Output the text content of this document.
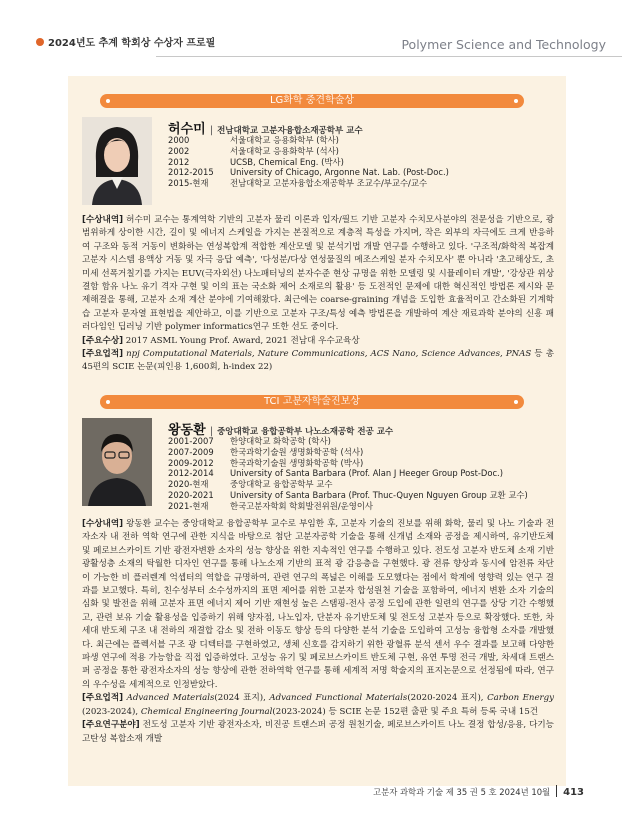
2024년도 추계 학회상 수상자 프로필	Polymer Science and Technology
LG화학 중견학술상
허수미 | 전남대학교 고분자융합소재공학부 교수
2000	서울대학교 응용화학부 (학사)
2002	서울대학교 응용화학부 (석사)
2012	UCSB, Chemical Eng. (박사)
2012-2015	University of Chicago, Argonne Nat. Lab. (Post-Doc.)
2015-현재	전남대학교 고분자융합소재공학부 조교수/부교수/교수

[수상내역] 허수미 교수는 통계역학 기반의 고분자 물리 이론과 입자/필드 기반 고분자 수치모사분야의 전문성을 기반으로, 광범위하게 상이한 시간, 길이 및 에너지 스케일을 가지는 본질적으로 계층적 특성을 가지며, 작은 외부의 자극에도 크게 반응하여 구조와 동적 거동이 변화하는 연성복합계 적합한 계산모델 및 분석기법 개발 연구를 수행하고 있다. '구조적/화학적 복잡계 고분자 시스템 용액상 거동 및 자극 응답 예측', '다성분/다상 연성물질의 메조스케일 분자 수치모사' 뿐 아니라 '초고해상도, 초미세 선폭거칠기를 가지는 EUV(극자외선) 나노패터닝의 분자수준 현상 규명을 위한 모델링 및 시뮬레이터 개발', '강상관 위상 결함 함유 나노 유기 격자 구현 및 이의 표는 국소화 제어 소재로의 활용' 등 도전적인 문제에 대한 혁신적인 방법론 제시와 문제해결을 통해, 고분자 소재 계산 분야에 기여해왔다. 최근에는 coarse-graining 개념을 도입한 효율적이고 간소화된 기계학습 고분자 문자열 표현법을 제안하고, 이를 기반으로 고분자 구조/특성 예측 방법론을 개발하여 계산 재료과학 분야의 신흥 패러다임인 딥러닝 기반 polymer informatics연구 또한 선도 중이다.

[주요수상] 2017 ASML Young Prof. Award, 2021 전남대 우수교육상

[주요업적] npj Computational Materials, Nature Communications, ACS Nano, Science Advances, PNAS 등 총 45편의 SCIE 논문(피인용 1,600회, h-index 22)

TCI 고분자학술진보상
왕동환 | 중앙대학교 융합공학부 나노소재공학 전공 교수
2001-2007	한양대학교 화학공학 (학사)
2007-2009	한국과학기술원 생명화학공학 (석사)
2009-2012	한국과학기술원 생명화학공학 (박사)
2012-2014	University of Santa Barbara (Prof. Alan J Heeger Group Post-Doc.)
2020-현재	중앙대학교 융합공학부 교수
2020-2021	University of Santa Barbara (Prof. Thuc-Quyen Nguyen Group 교환 교수)
2021-현재	한국고분자학회 학회발전위원/운영이사

[수상내역] 왕동환 교수는 중앙대학교 융합공학부 교수로 부임한 후, 고분자 기술의 진보를 위해 화학, 물리 및 나노 기술과 전자소자 내 전하 역학 연구에 관한 지식을 바탕으로 첨단 고분자공학 기술을 통해 신개념 소재와 공정을 제시하여, 유기반도체 및 페로브스카이트 기반 광전자변환 소자의 성능 향상을 위한 지속적인 연구를 수행하고 있다. 전도성 고분자 반도체 소재 기반 광활성층 소재의 탁월한 디자인 연구를 통해 나노소재 기반의 표적 광 감응층을 구현했다. 광 전류 향상과 동시에 암전류 차단이 가능한 비 플러렌계 억셉터의 역할을 규명하여, 관련 연구의 폭넓은 이해를 도모했다는 점에서 학계에 영향력 있는 연구 결과를 보고했다. 특히, 친수성부터 소수성까지의 표면 제어를 위한 고분자 합성원천 기술을 포함하여, 에너지 변환 소자 기술의 심화 및 발전을 위해 고분자 표면 에너지 제어 기반 재현성 높은 스탬핑-전사 공정 도입에 관한 일련의 연구를 상당 기간 수행했고, 관련 보유 기술 활용성을 입증하기 위해 양자점, 나노입자, 단분자 유기반도체 및 전도성 고분자 등으로 확장했다. 또한, 차세대 반도체 구조 내 전하의 재결합 감소 및 전하 이동도 향상 등의 다양한 분석 기술을 도입하여 고성능 융합형 소자를 개발했다. 최근에는 플렉서블 구조 광 디텍터를 구현하였고, 생체 신호를 감지하기 위한 광혈류 분석 센서 우수 결과를 보고해 다양한 파생 연구에 적용 가능함을 직접 입증하였다. 고성능 유기 및 페로브스카이트 반도체 구현, 유연 투명 전극 개발, 차세대 트랜스퍼 공정을 통한 광전자소자의 성능 향상에 관한 전하역학 연구를 통해 세계적 저명 학술지의 표지논문으로 선정됨에 따라, 연구의 우수성을 세계적으로 인정받았다.

[주요업적] Advanced Materials(2024 표지), Advanced Functional Materials(2020-2024 표지), Carbon Energy (2023-2024), Chemical Engineering Journal(2023-2024) 등 SCIE 논문 152편 출판 및 주요 특허 등록 국내 15건

[주요연구분야] 전도성 고분자 기반 광전자소자, 비진공 트랜스퍼 공정 원천기술, 페로브스카이트 나노 결정 합성/응용, 다기능 고탄성 복합소재 개발

고분자 과학과 기술 제 35 권 5 호 2024년 10월 413
